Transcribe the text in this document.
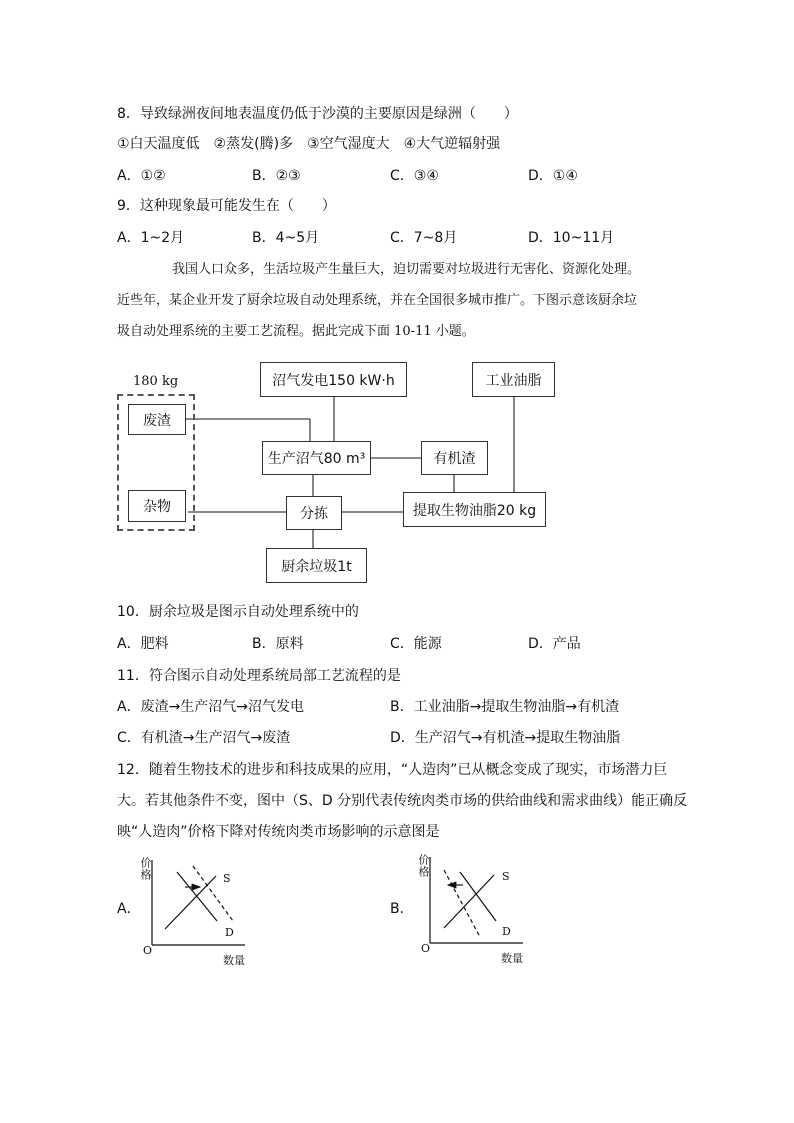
8．导致绿洲夜间地表温度仍低于沙漠的主要原因是绿洲（　　）
①白天温度低　②蒸发(腾)多　③空气湿度大　④大气逆辐射强
A．①②	B．②③	C．③④	D．①④
9．这种现象最可能发生在（　　）
A．1~2月	B．4~5月	C．7~8月	D．10~11月
我国人口众多，生活垃圾产生量巨大，迫切需要对垃圾进行无害化、资源化处理。
近些年，某企业开发了厨余垃圾自动处理系统，并在全国很多城市推广。下图示意该厨余垃
圾自动处理系统的主要工艺流程。据此完成下面 10-11 小题。
180 kg
废渣
杂物
沼气发电150 kW·h	工业油脂
生产沼气80 m³	有机渣
分拣	提取生物油脂20 kg
厨余垃圾1t
10．厨余垃圾是图示自动处理系统中的
A．肥料	B．原料	C．能源	D．产品
11．符合图示自动处理系统局部工艺流程的是
A．废渣→生产沼气→沼气发电	B．工业油脂→提取生物油脂→有机渣
C．有机渣→生产沼气→废渣	D．生产沼气→有机渣→提取生物油脂
12．随着生物技术的进步和科技成果的应用，“人造肉”已从概念变成了现实，市场潜力巨
大。若其他条件不变，图中（S、D 分别代表传统肉类市场的供给曲线和需求曲线）能正确反
映“人造肉”价格下降对传统肉类市场影响的示意图是
A．
价格
O
数量
S
D
B．
价格
O
数量
S
D
